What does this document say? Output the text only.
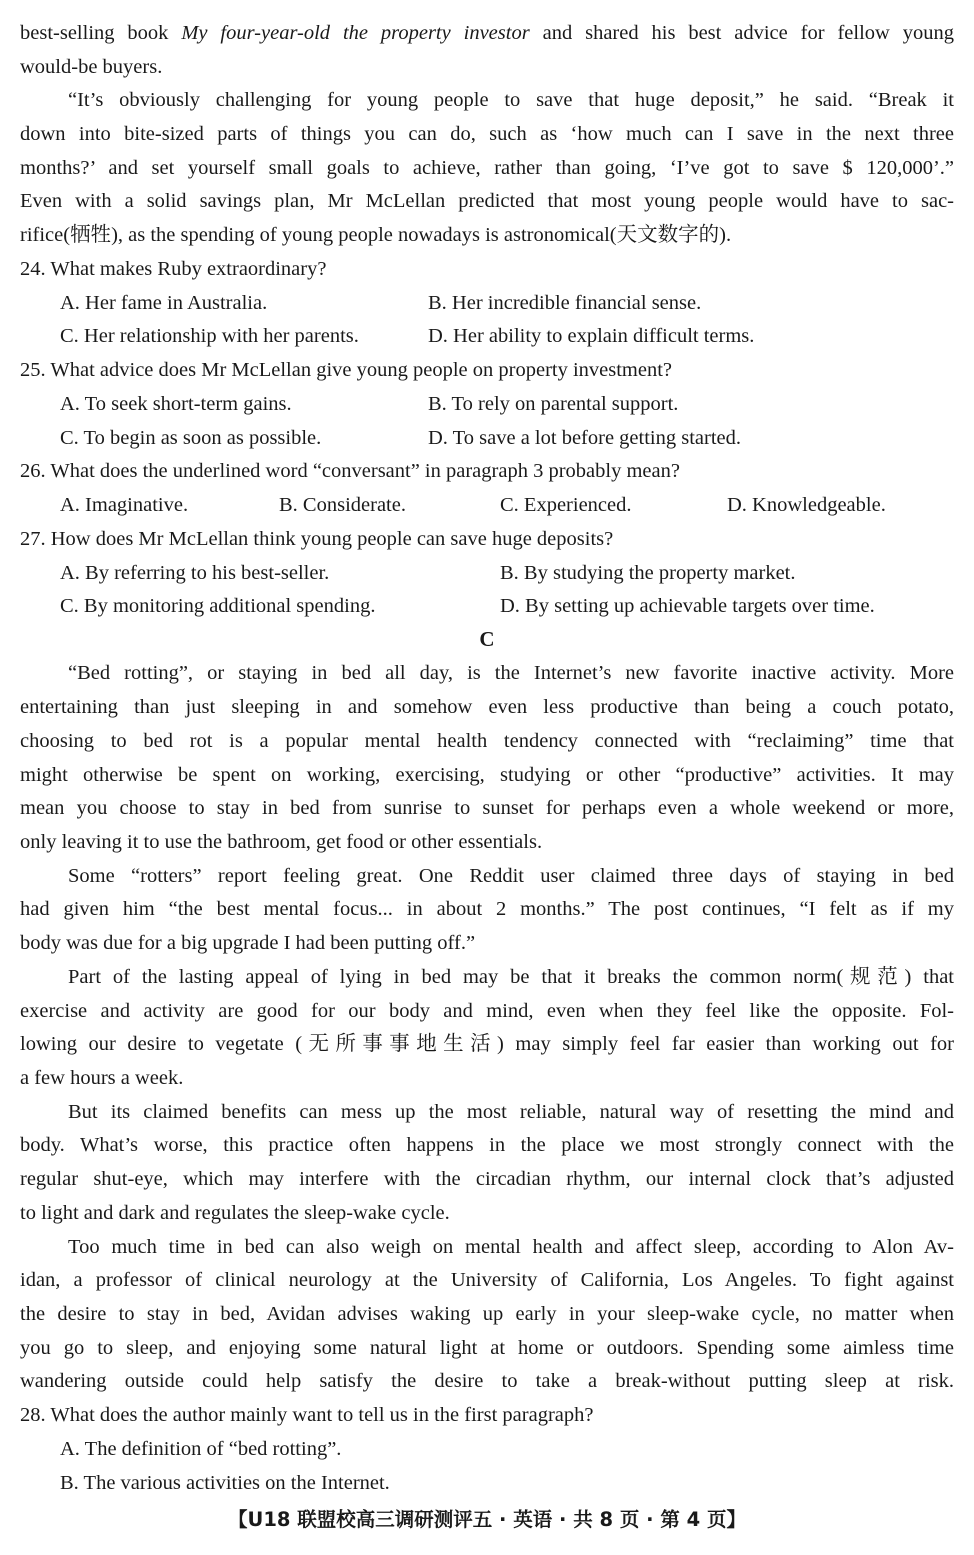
best-selling book My four-year-old the property investor and shared his best advice for fellow young
would-be buyers.
“It’s obviously challenging for young people to save that huge deposit,” he said. “Break it
down into bite-sized parts of things you can do, such as ‘how much can I save in the next three
months?’ and set yourself small goals to achieve, rather than going, ‘I’ve got to save $ 120,000’.”
Even with a solid savings plan, Mr McLellan predicted that most young people would have to sac-
rifice(牺牲), as the spending of young people nowadays is astronomical(天文数字的).
24. What makes Ruby extraordinary?
A. Her fame in Australia.	B. Her incredible financial sense.
C. Her relationship with her parents.	D. Her ability to explain difficult terms.
25. What advice does Mr McLellan give young people on property investment?
A. To seek short-term gains.	B. To rely on parental support.
C. To begin as soon as possible.	D. To save a lot before getting started.
26. What does the underlined word “conversant” in paragraph 3 probably mean?
A. Imaginative.	B. Considerate.	C. Experienced.	D. Knowledgeable.
27. How does Mr McLellan think young people can save huge deposits?
A. By referring to his best-seller.	B. By studying the property market.
C. By monitoring additional spending.	D. By setting up achievable targets over time.
C
“Bed rotting”, or staying in bed all day, is the Internet’s new favorite inactive activity. More
entertaining than just sleeping in and somehow even less productive than being a couch potato,
choosing to bed rot is a popular mental health tendency connected with “reclaiming” time that
might otherwise be spent on working, exercising, studying or other “productive” activities. It may
mean you choose to stay in bed from sunrise to sunset for perhaps even a whole weekend or more,
only leaving it to use the bathroom, get food or other essentials.
Some “rotters” report feeling great. One Reddit user claimed three days of staying in bed
had given him “the best mental focus... in about 2 months.” The post continues, “I felt as if my
body was due for a big upgrade I had been putting off.”
Part of the lasting appeal of lying in bed may be that it breaks the common norm(规范) that
exercise and activity are good for our body and mind, even when they feel like the opposite. Fol-
lowing our desire to vegetate (无所事事地生活) may simply feel far easier than working out for
a few hours a week.
But its claimed benefits can mess up the most reliable, natural way of resetting the mind and
body. What’s worse, this practice often happens in the place we most strongly connect with the
regular shut-eye, which may interfere with the circadian rhythm, our internal clock that’s adjusted
to light and dark and regulates the sleep-wake cycle.
Too much time in bed can also weigh on mental health and affect sleep, according to Alon Av-
idan, a professor of clinical neurology at the University of California, Los Angeles. To fight against
the desire to stay in bed, Avidan advises waking up early in your sleep-wake cycle, no matter when
you go to sleep, and enjoying some natural light at home or outdoors. Spending some aimless time
wandering outside could help satisfy the desire to take a break-without putting sleep at risk.
28. What does the author mainly want to tell us in the first paragraph?
A. The definition of “bed rotting”.
B. The various activities on the Internet.
【U18 联盟校高三调研测评五 · 英语 · 共 8 页 · 第 4 页】
